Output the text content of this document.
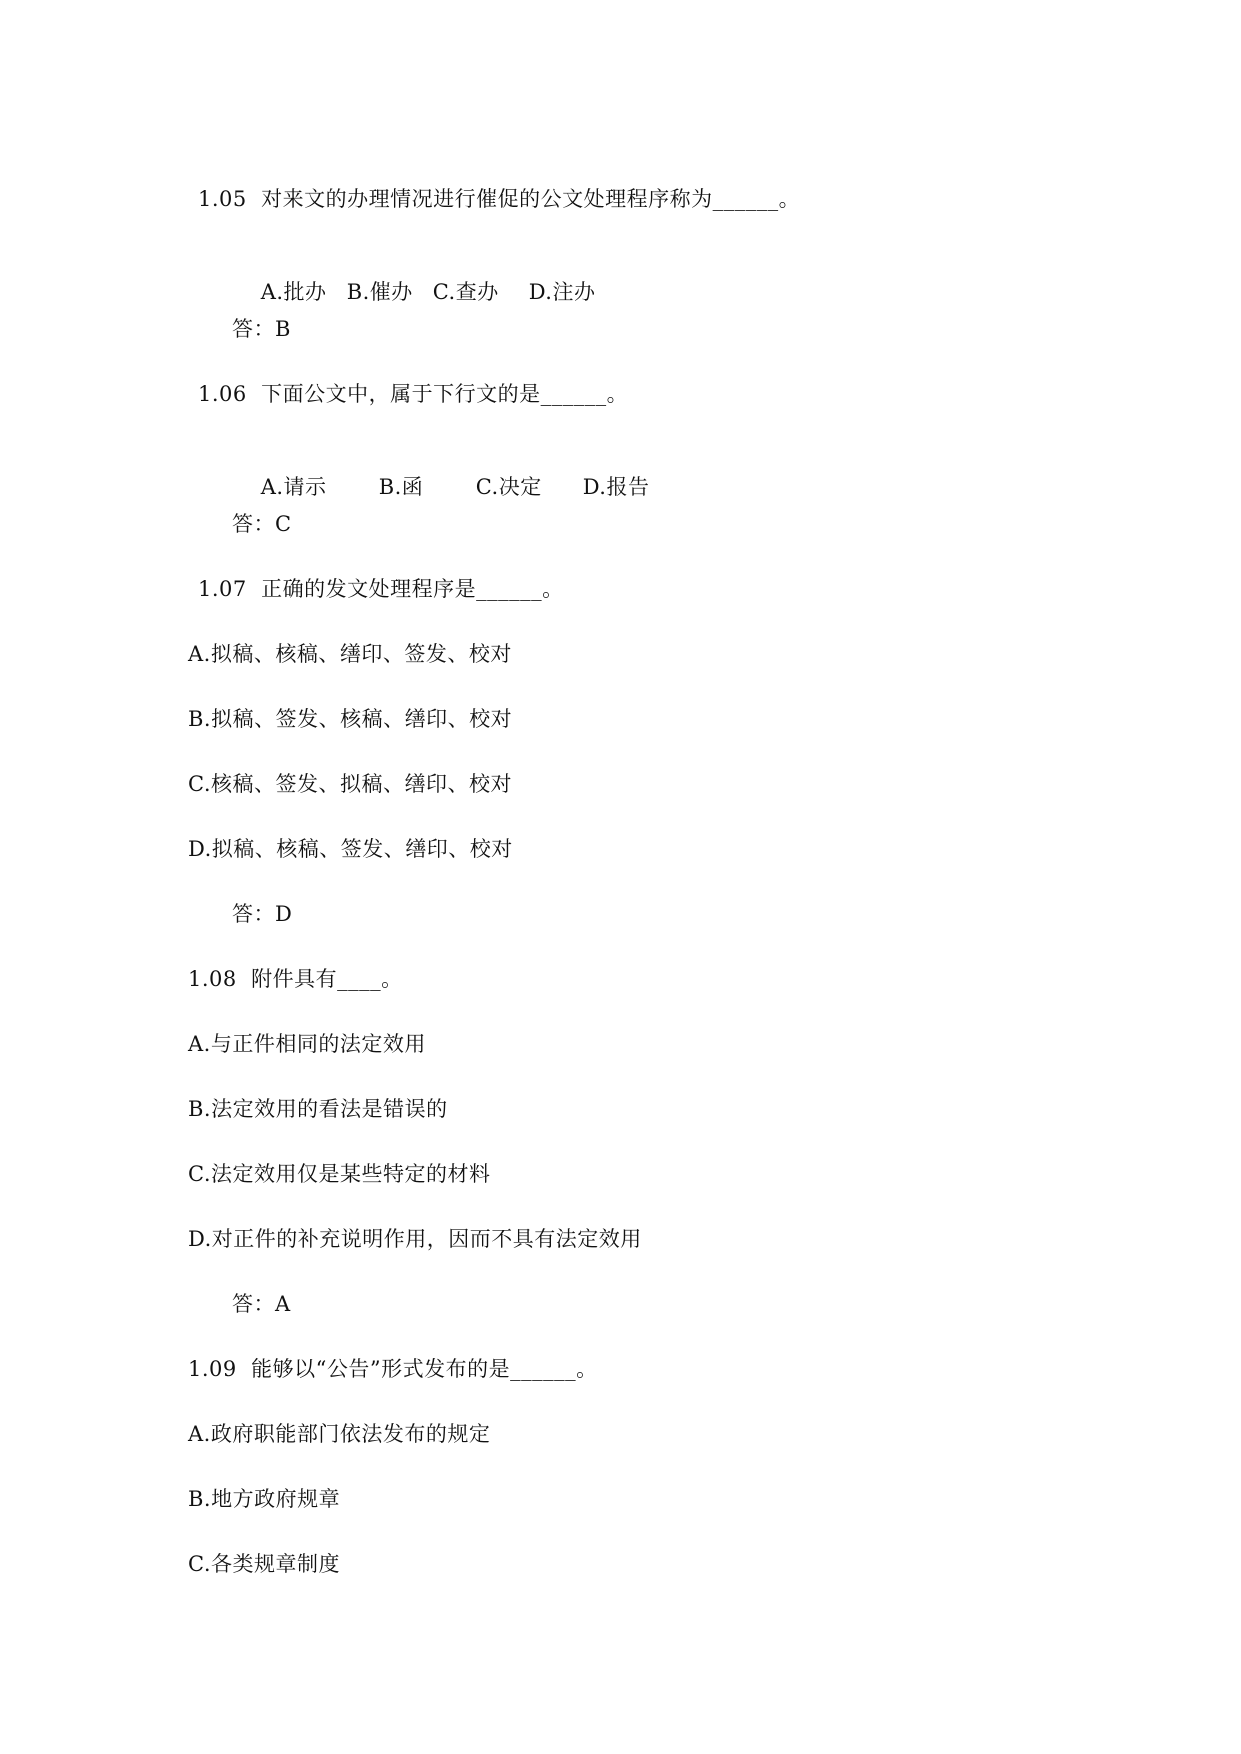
1.05  对来文的办理情况进行催促的公文处理程序称为______。

A.批办 B.催办 C.查办 D.注办

答：B
1.06  下面公文中，属于下行文的是______。

A.请示 B.函 C.决定 D.报告

答：C
1.07  正确的发文处理程序是______。
A.拟稿、核稿、缮印、签发、校对
B.拟稿、签发、核稿、缮印、校对
C.核稿、签发、拟稿、缮印、校对
D.拟稿、核稿、签发、缮印、校对
答：D
1.08  附件具有____。
A.与正件相同的法定效用
B.法定效用的看法是错误的
C.法定效用仅是某些特定的材料
D.对正件的补充说明作用，因而不具有法定效用
答：A
1.09  能够以“公告”形式发布的是______。
A.政府职能部门依法发布的规定
B.地方政府规章
C.各类规章制度
